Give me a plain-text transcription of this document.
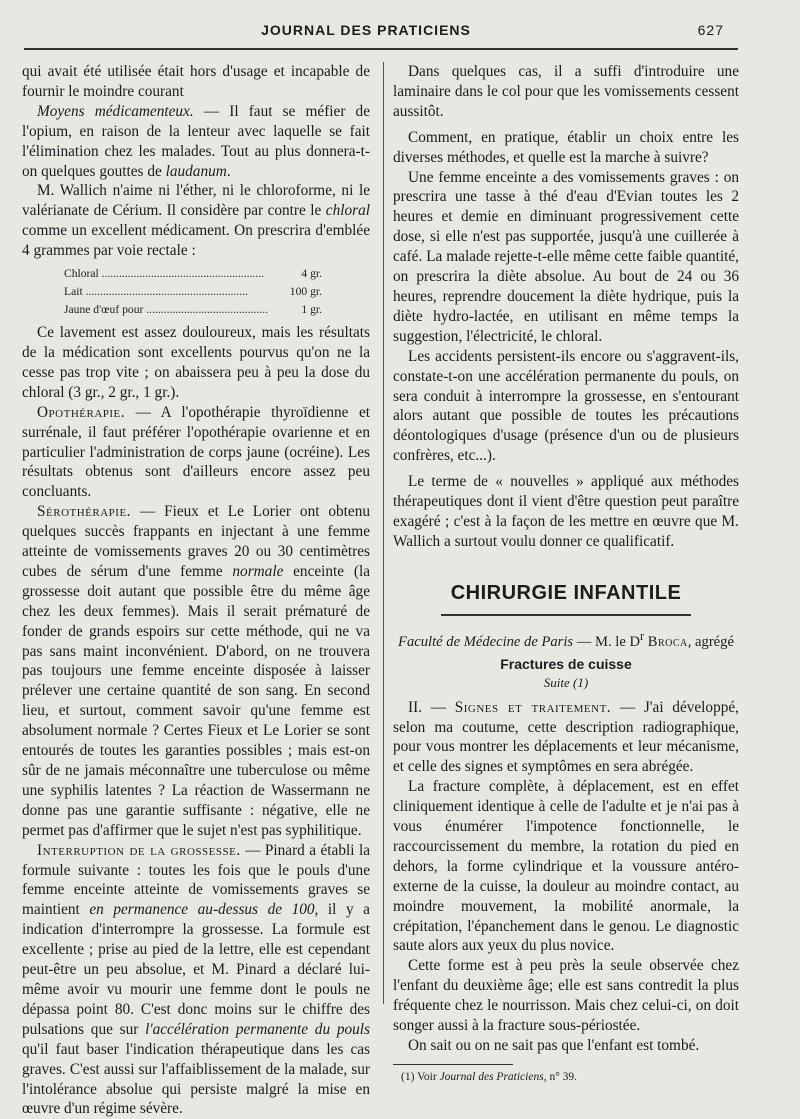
JOURNAL DES PRATICIENS	627

qui avait été utilisée était hors d'usage et incapable de fournir le moindre courant

Moyens médicamenteux. — Il faut se méfier de l'opium, en raison de la lenteur avec laquelle se fait l'élimination chez les malades. Tout au plus donnera-t-on quelques gouttes de laudanum.

M. Wallich n'aime ni l'éther, ni le chloroforme, ni le valérianate de Cérium. Il considère par contre le chloral comme un excellent médicament. On prescrira d'emblée 4 grammes par voie rectale :

Chloral .....	4 gr.
Lait .....	100 gr.
Jaune d'œuf pour .....	1 gr.

Ce lavement est assez douloureux, mais les résultats de la médication sont excellents pourvus qu'on ne la cesse pas trop vite ; on abaissera peu à peu la dose du chloral (3 gr., 2 gr., 1 gr.).

Opothérapie. — A l'opothérapie thyroïdienne et surrénale, il faut préférer l'opothérapie ovarienne et en particulier l'administration de corps jaune (ocréine). Les résultats obtenus sont d'ailleurs encore assez peu concluants.

Sérothérapie. — Fieux et Le Lorier ont obtenu quelques succès frappants en injectant à une femme atteinte de vomissements graves 20 ou 30 centimètres cubes de sérum d'une femme normale enceinte (la grossesse doit autant que possible être du même âge chez les deux femmes). Mais il serait prématuré de fonder de grands espoirs sur cette méthode, qui ne va pas sans maint inconvénient. D'abord, on ne trouvera pas toujours une femme enceinte disposée à laisser prélever une certaine quantité de son sang. En second lieu, et surtout, comment savoir qu'une femme est absolument normale ? Certes Fieux et Le Lorier se sont entourés de toutes les garanties possibles ; mais est-on sûr de ne jamais méconnaître une tuberculose ou même une syphilis latentes ? La réaction de Wassermann ne donne pas une garantie suffisante : négative, elle ne permet pas d'affirmer que le sujet n'est pas syphilitique.

Interruption de la grossesse. — Pinard a établi la formule suivante : toutes les fois que le pouls d'une femme enceinte atteinte de vomissements graves se maintient en permanence au-dessus de 100, il y a indication d'interrompre la grossesse. La formule est excellente ; prise au pied de la lettre, elle est cependant peut-être un peu absolue, et M. Pinard a déclaré lui-même avoir vu mourir une femme dont le pouls ne dépassa point 80. C'est donc moins sur le chiffre des pulsations que sur l'accélération permanente du pouls qu'il faut baser l'indication thérapeutique dans les cas graves. C'est aussi sur l'affaiblissement de la malade, sur l'intolérance absolue qui persiste malgré la mise en œuvre d'un régime sévère.

Dans quelques cas, il a suffi d'introduire une laminaire dans le col pour que les vomissements cessent aussitôt.

Comment, en pratique, établir un choix entre les diverses méthodes, et quelle est la marche à suivre?

Une femme enceinte a des vomissements graves : on prescrira une tasse à thé d'eau d'Evian toutes les 2 heures et demie en diminuant progressivement cette dose, si elle n'est pas supportée, jusqu'à une cuillerée à café. La malade rejette-t-elle même cette faible quantité, on prescrira la diète absolue. Au bout de 24 ou 36 heures, reprendre doucement la diète hydrique, puis la diète hydro-lactée, en utilisant en même temps la suggestion, l'électricité, le chloral.

Les accidents persistent-ils encore ou s'aggravent-ils, constate-t-on une accélération permanente du pouls, on sera conduit à interrompre la grossesse, en s'entourant alors autant que possible de toutes les précautions déontologiques d'usage (présence d'un ou de plusieurs confrères, etc...).

Le terme de « nouvelles » appliqué aux méthodes thérapeutiques dont il vient d'être question peut paraître exagéré ; c'est à la façon de les mettre en œuvre que M. Wallich a surtout voulu donner ce qualificatif.

CHIRURGIE INFANTILE
Faculté de Médecine de Paris — M. le $D^r$ Broca, agrégé
Fractures de cuisse
Suite (1)

II. — Signes et traitement. — J'ai développé, selon ma coutume, cette description radiographique, pour vous montrer les déplacements et leur mécanisme, et celle des signes et symptômes en sera abrégée.

La fracture complète, à déplacement, est en effet cliniquement identique à celle de l'adulte et je n'ai pas à vous énumérer l'impotence fonctionnelle, le raccourcissement du membre, la rotation du pied en dehors, la forme cylindrique et la voussure antéro-externe de la cuisse, la douleur au moindre contact, au moindre mouvement, la mobilité anormale, la crépitation, l'épanchement dans le genou. Le diagnostic saute alors aux yeux du plus novice.

Cette forme est à peu près la seule observée chez l'enfant du deuxième âge; elle est sans contredit la plus fréquente chez le nourrisson. Mais chez celui-ci, on doit songer aussi à la fracture sous-périostée.

On sait ou on ne sait pas que l'enfant est tombé.

(1) Voir Journal des Praticiens, n° 39.
